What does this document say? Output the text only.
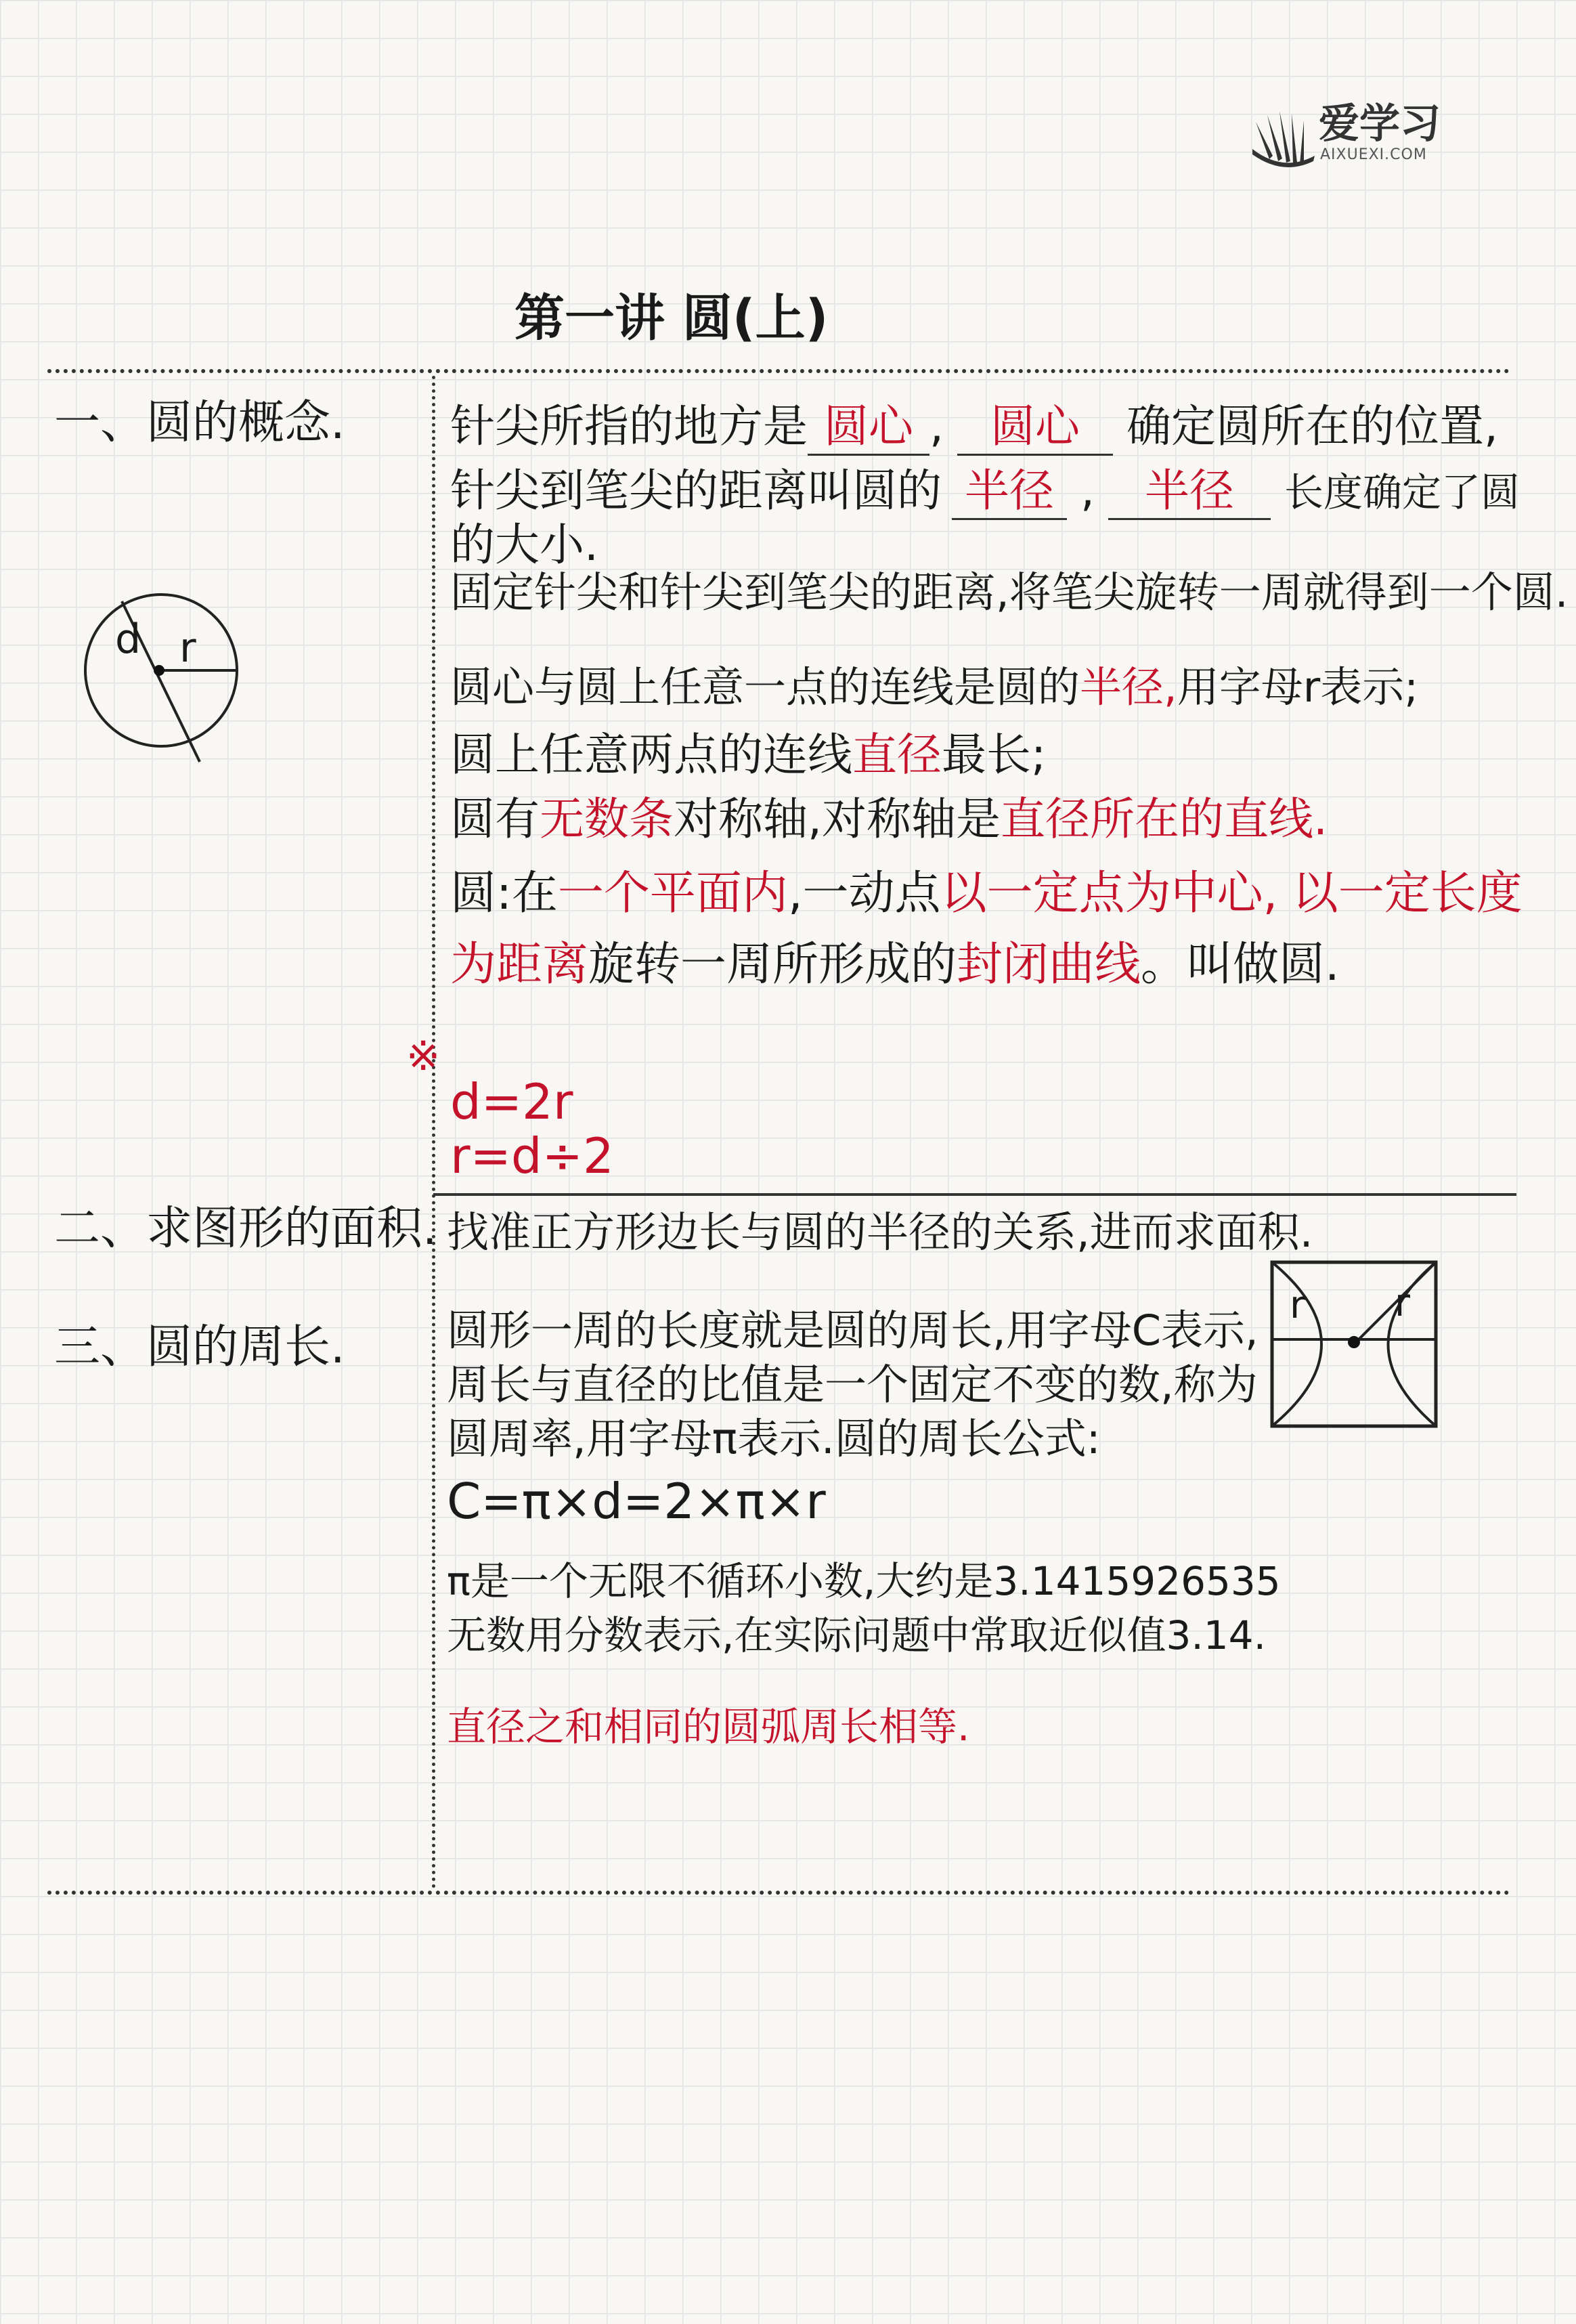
爱学习
AIXUEXI.COM
第一讲 圆(上)
一、圆的概念.
二、求图形的面积.
三、圆的周长.
d r
针尖所指的地方是 圆心 , 圆心 确定圆所在的位置,
针尖到笔尖的距离叫圆的 半径 , 半径 长度确定了圆
的大小.
固定针尖和针尖到笔尖的距离,将笔尖旋转一周就得到一个圆.
圆心与圆上任意一点的连线是圆的半径,用字母r表示;
圆上任意两点的连线直径最长;
圆有无数条对称轴,对称轴是直径所在的直线.
圆:在一个平面内,一动点以一定点为中心, 以一定长度
为距离旋转一周所形成的封闭曲线。叫做圆.
※
d=2r
r=d÷2
找准正方形边长与圆的半径的关系,进而求面积.
r r
圆形一周的长度就是圆的周长,用字母C表示,
周长与直径的比值是一个固定不变的数,称为
圆周率,用字母π表示.圆的周长公式:
C=π×d=2×π×r
π是一个无限不循环小数,大约是3.1415926535
无数用分数表示,在实际问题中常取近似值3.14.
直径之和相同的圆弧周长相等.
